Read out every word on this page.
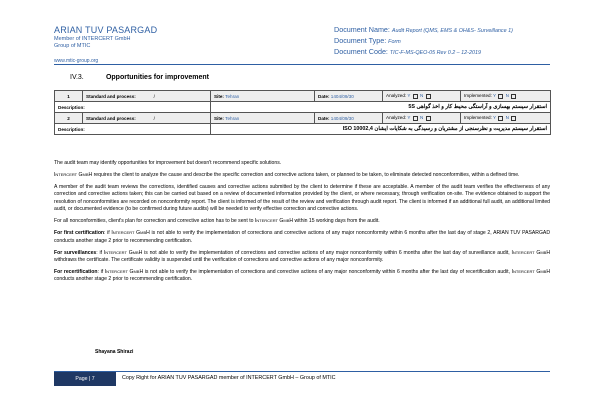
ARIAN TUV PASARGAD
Member of INTERCERT GmbH
Group of MTIC
www.mtic-group.org
Document Name: Audit Report (QMS, EMS & OH&S- Surveillance 1)
Document Type: Form
Document Code: TIC-F-MS-QEO-05 Rev 0.2 – 12-2019
IV.3.	Opportunities for improvement
1	Standard and process: /	Site: Tehran	Date: 1404/09/30	Analyzed: Y N	Implemented: Y N
Description:		استقرار سیستم بهسازی و آراستگی محیط کار و اخذ گواهی 5S			
2	Standard and process: /	Site: Tehran	Date: 1404/09/30	Analyzed: Y N	Implemented: Y N
Description:		استقرار سیستم مدیریت و نظرسنجی از مشتریان و رسیدگی به شکایات ایشان ISO 10002,4			

The audit team may identify opportunities for improvement but doesn't recommend specific solutions.

Intercert GmbH requires the client to analyze the cause and describe the specific correction and corrective actions taken, or planned to be taken, to eliminate detected nonconformities, within a defined time.

A member of the audit team reviews the corrections, identified causes and corrective actions submitted by the client to determine if these are acceptable. A member of the audit team verifies the effectiveness of any correction and corrective actions taken; this can be carried out based on a review of documented information provided by the client, or where necessary, through verification on-site. The evidence obtained to support the resolution of nonconformities are recorded on nonconformity report. The client is informed of the result of the review and verification through audit report. The client is informed if an additional full audit, an additional limited audit, or documented evidence (to be confirmed during future audits) will be needed to verify effective correction and corrective actions.

For all nonconformities, client's plan for correction and corrective action has to be sent to Intercert GmbH within 15 working days from the audit.

For first certification: if Intercert GmbH is not able to verify the implementation of corrections and corrective actions of any major nonconformity within 6 months after the last day of stage 2, ARIAN TUV PASARGAD conducts another stage 2 prior to recommending certification.

For surveillances: if Intercert GmbH is not able to verify the implementation of corrections and corrective actions of any major nonconformity within 6 months after the last day of surveillance audit, Intercert GmbH withdraws the certificate. The certificate validity is suspended until the verification of corrections and corrective actions of any major nonconformity.

For recertification: if Intercert GmbH is not able to verify the implementation of corrections and corrective actions of any major nonconformity within 6 months after the last day of recertification audit, Intercert GmbH conducts another stage 2 prior to recommending certification.

Shayana Shirazi
Page | 7	Copy Right for ARIAN TUV PASARGAD member of INTERCERT GmbH – Group of MTIC
